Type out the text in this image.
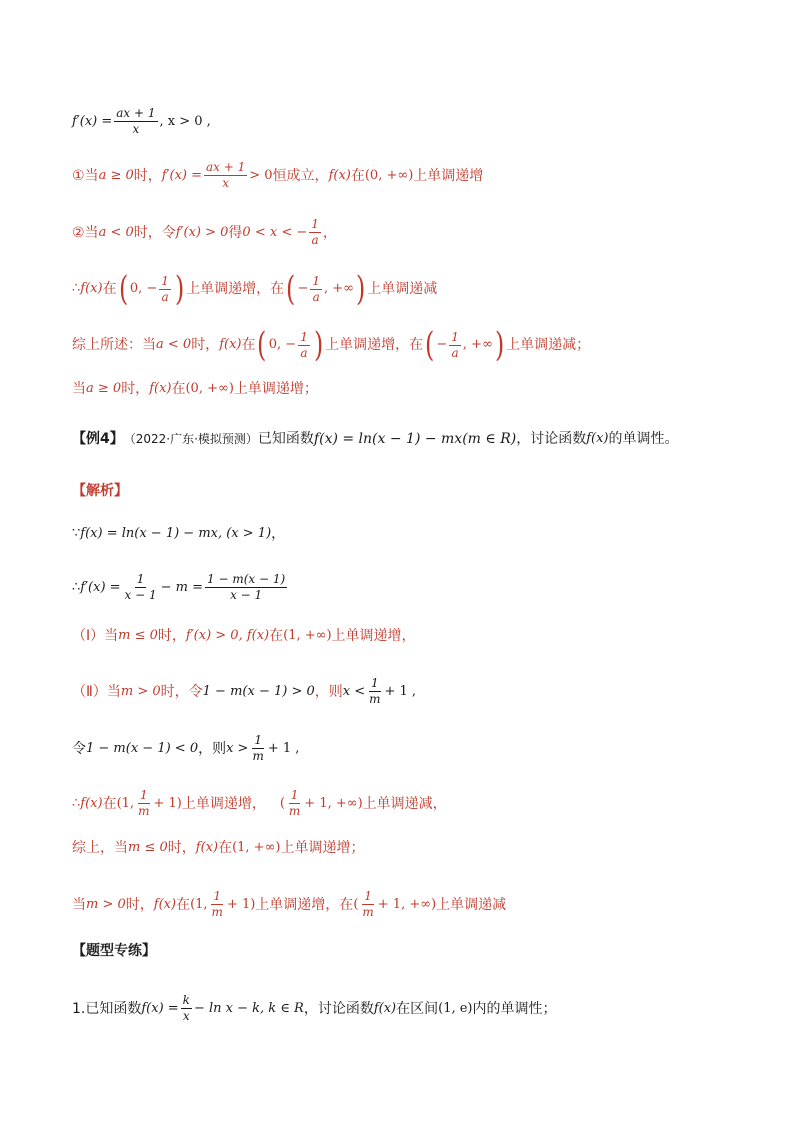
$f'(x) = \frac{ax + 1}{x}$ , x > 0 ,
①当 a ≥ 0 时， $f'(x) = \frac{ax + 1}{x} > 0$ 恒成立， f(x) 在 (0, +∞) 上单调递增
②当 a < 0 时，令 f′(x) > 0 得 0 < x < − $\frac{1}{a}$ ，
∴ f(x) 在 ( 0, − $\frac{1}{a}$ ) 上单调递增，在 ( − $\frac{1}{a}$ , +∞ ) 上单调递减
综上所述：当 a < 0 时， f(x) 在 ( 0, − $\frac{1}{a}$ ) 上单调递增，在 ( − $\frac{1}{a}$ , +∞ ) 上单调递减；
当 a ≥ 0 时， f(x) 在 (0, +∞) 上单调递增；
【例4】 （2022·广东·模拟预测） 已知函数 f(x) = ln(x − 1) − mx(m ∈ R) ，讨论函数 f(x) 的单调性。
【解析】
∵ f(x) = ln(x − 1) − mx, (x > 1) ，
∴ $f'(x) = \frac{1}{x - 1} - m = \frac{1 - m(x - 1)}{x - 1}$
（Ⅰ）当 m ≤ 0 时， f′(x) > 0, f(x) 在 (1, +∞) 上单调递增，
（Ⅱ）当 m > 0 时，令 1 − m(x − 1) > 0 ，则 $x < \frac{1}{m} + 1$ ,
令 1 − m(x − 1) < 0 ，则 $x > \frac{1}{m} + 1$ ,
∴ f(x) 在 (1, $\frac{1}{m} + 1$) 上单调递增， ( $\frac{1}{m} + 1$, +∞) 上单调递减，
综上，当 m ≤ 0 时， f(x) 在 (1, +∞) 上单调递增；
当 m > 0 时， f(x) 在 (1, $\frac{1}{m} + 1$) 上单调递增，在 ( $\frac{1}{m} + 1$, +∞) 上单调递减
【题型专练】
1.已知函数 $f(x) = \frac{k}{x} - \ln x - k$, k ∈ R ，讨论函数 f(x) 在区间 (1, e) 内的单调性；
